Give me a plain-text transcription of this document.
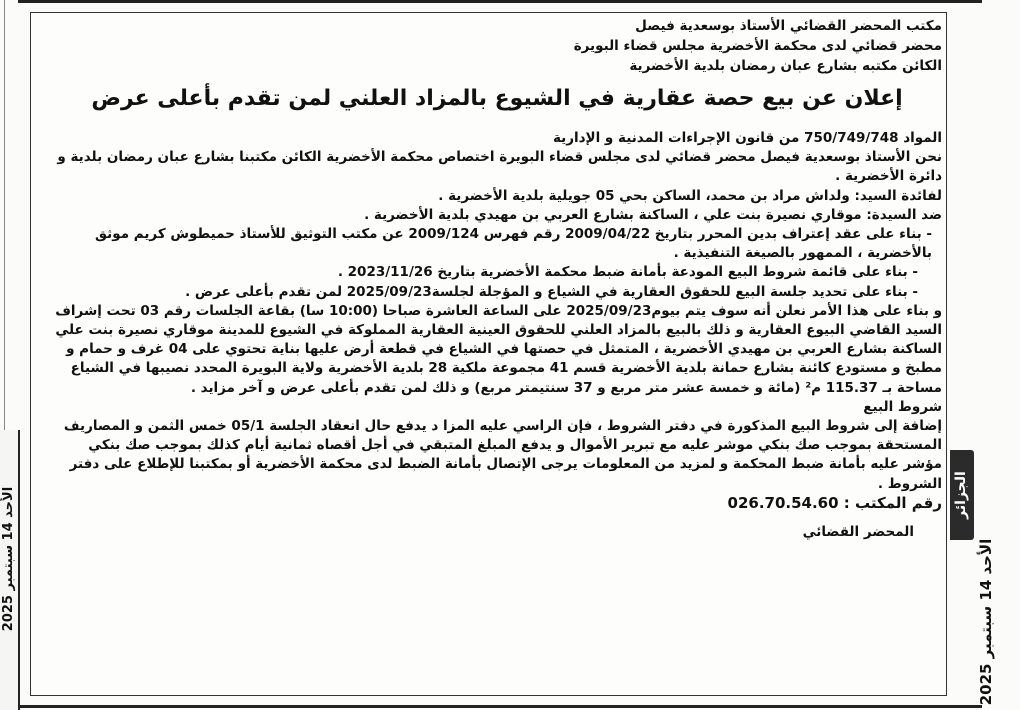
مكتب المحضر القضائي الأستاذ بوسعدية فيصل
محضر قضائي لدى محكمة الأخضرية مجلس قضاء البويرة
الكائن مكتبه بشارع عبان رمضان بلدية الأخضرية
إعلان عن بيع حصة عقارية في الشيوع بالمزاد العلني لمن تقدم بأعلى عرض

المواد 750/749/748 من قانون الإجراءات المدنية و الإدارية

نحن الأستاذ بوسعدية فيصل محضر قضائي لدى مجلس قضاء البويرة اختصاص محكمة الأخضرية الكائن مكتبنا بشارع عبان رمضان بلدية و دائرة الأخضرية .

لفائدة السيد: ولداش مراد بن محمد، الساكن بحي 05 جويلية بلدية الأخضرية .

ضد السيدة: موقاري نصيرة بنت علي ، الساكنة بشارع العربي بن مهيدي بلدية الأخضرية .

- بناء على عقد إعتراف بدين المحرر بتاريخ 2009/04/22 رقم فهرس 2009/124 عن مكتب التوثيق للأستاذ حميطوش كريم موثق بالأخضرية ، الممهور بالصيغة التنفيذية .

- بناء على قائمة شروط البيع المودعة بأمانة ضبط محكمة الأخضرية بتاريخ 2023/11/26 .

- بناء على تحديد جلسة البيع للحقوق العقارية في الشياع و المؤجلة لجلسة2025/09/23 لمن تقدم بأعلى عرض .

و بناء على هذا الأمر نعلن أنه سوف يتم بيوم2025/09/23 على الساعة العاشرة صباحا (10:00 سا) بقاعة الجلسات رقم 03 تحت إشراف السيد القاضي البيوع العقارية و ذلك بالبيع بالمزاد العلني للحقوق العينية العقارية المملوكة في الشيوع للمدينة موقاري نصيرة بنت علي الساكنة بشارع العربي بن مهيدي الأخضرية ، المتمثل في حصتها في الشياع في قطعة أرض عليها بناية تحتوي على 04 غرف و حمام و مطبخ و مستودع كائنة بشارع حمانة بلدية الأخضرية قسم 41 مجموعة ملكية 28 بلدية الأخضرية ولاية البويرة المحدد نصيبها في الشياع مساحة بـ 115.37 م² (مائة و خمسة عشر متر مربع و 37 سنتيمتر مربع) و ذلك لمن تقدم بأعلى عرض و آخر مزايد .

شروط البيع

إضافة إلى شروط البيع المذكورة في دفتر الشروط ، فإن الراسي عليه المزا د يدفع حال انعقاد الجلسة 05/1 خمس الثمن و المصاريف المستحقة بموجب صك بنكي موشر عليه مع تبرير الأموال و يدفع المبلغ المتبقي في أجل أقصاه ثمانية أيام كذلك بموجب صك بنكي مؤشر عليه بأمانة ضبط المحكمة و لمزيد من المعلومات يرجى الإتصال بأمانة الضبط لدى محكمة الأخضرية أو بمكتبنا للإطلاع على دفتر الشروط .

رقم المكتب : 026.70.54.60

المحضر القضائي

الأحد 14 سبتمبر 2025	الجزائر
الأحد 14 سبتمبر 2025
